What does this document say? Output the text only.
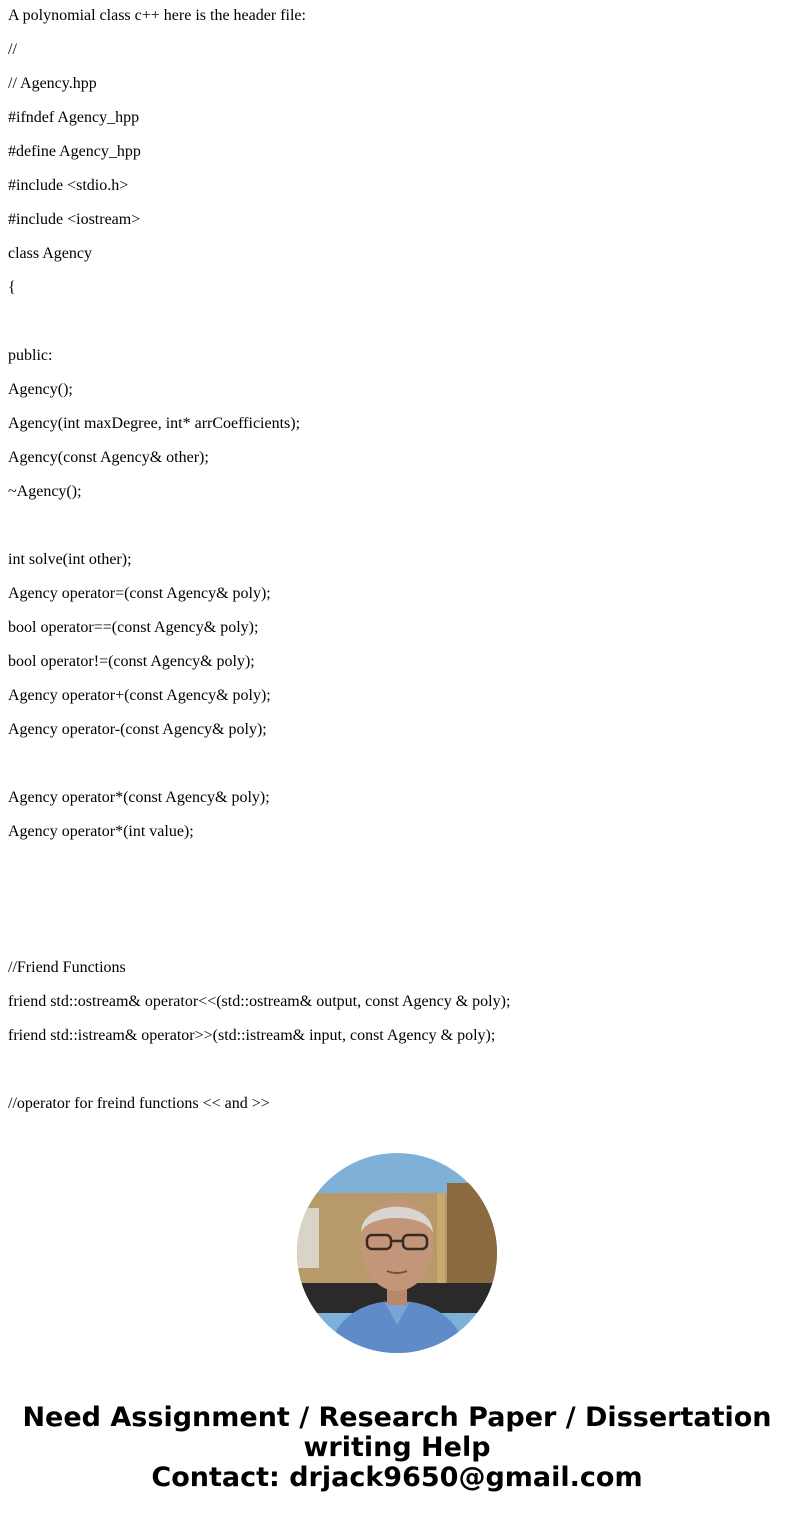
A polynomial class c++ here is the header file:
//
// Agency.hpp
#ifndef Agency_hpp
#define Agency_hpp
#include <stdio.h>
#include <iostream>
class Agency
{
public:
Agency();
Agency(int maxDegree, int* arrCoefficients);
Agency(const Agency& other);
~Agency();
int solve(int other);
Agency operator=(const Agency& poly);
bool operator==(const Agency& poly);
bool operator!=(const Agency& poly);
Agency operator+(const Agency& poly);
Agency operator-(const Agency& poly);
Agency operator*(const Agency& poly);
Agency operator*(int value);
//Friend Functions
friend std::ostream& operator<<(std::ostream& output, const Agency & poly);
friend std::istream& operator>>(std::istream& input, const Agency & poly);
//operator for freind functions << and >>
Need Assignment / Research Paper / Dissertation
writing Help
Contact: drjack9650@gmail.com
